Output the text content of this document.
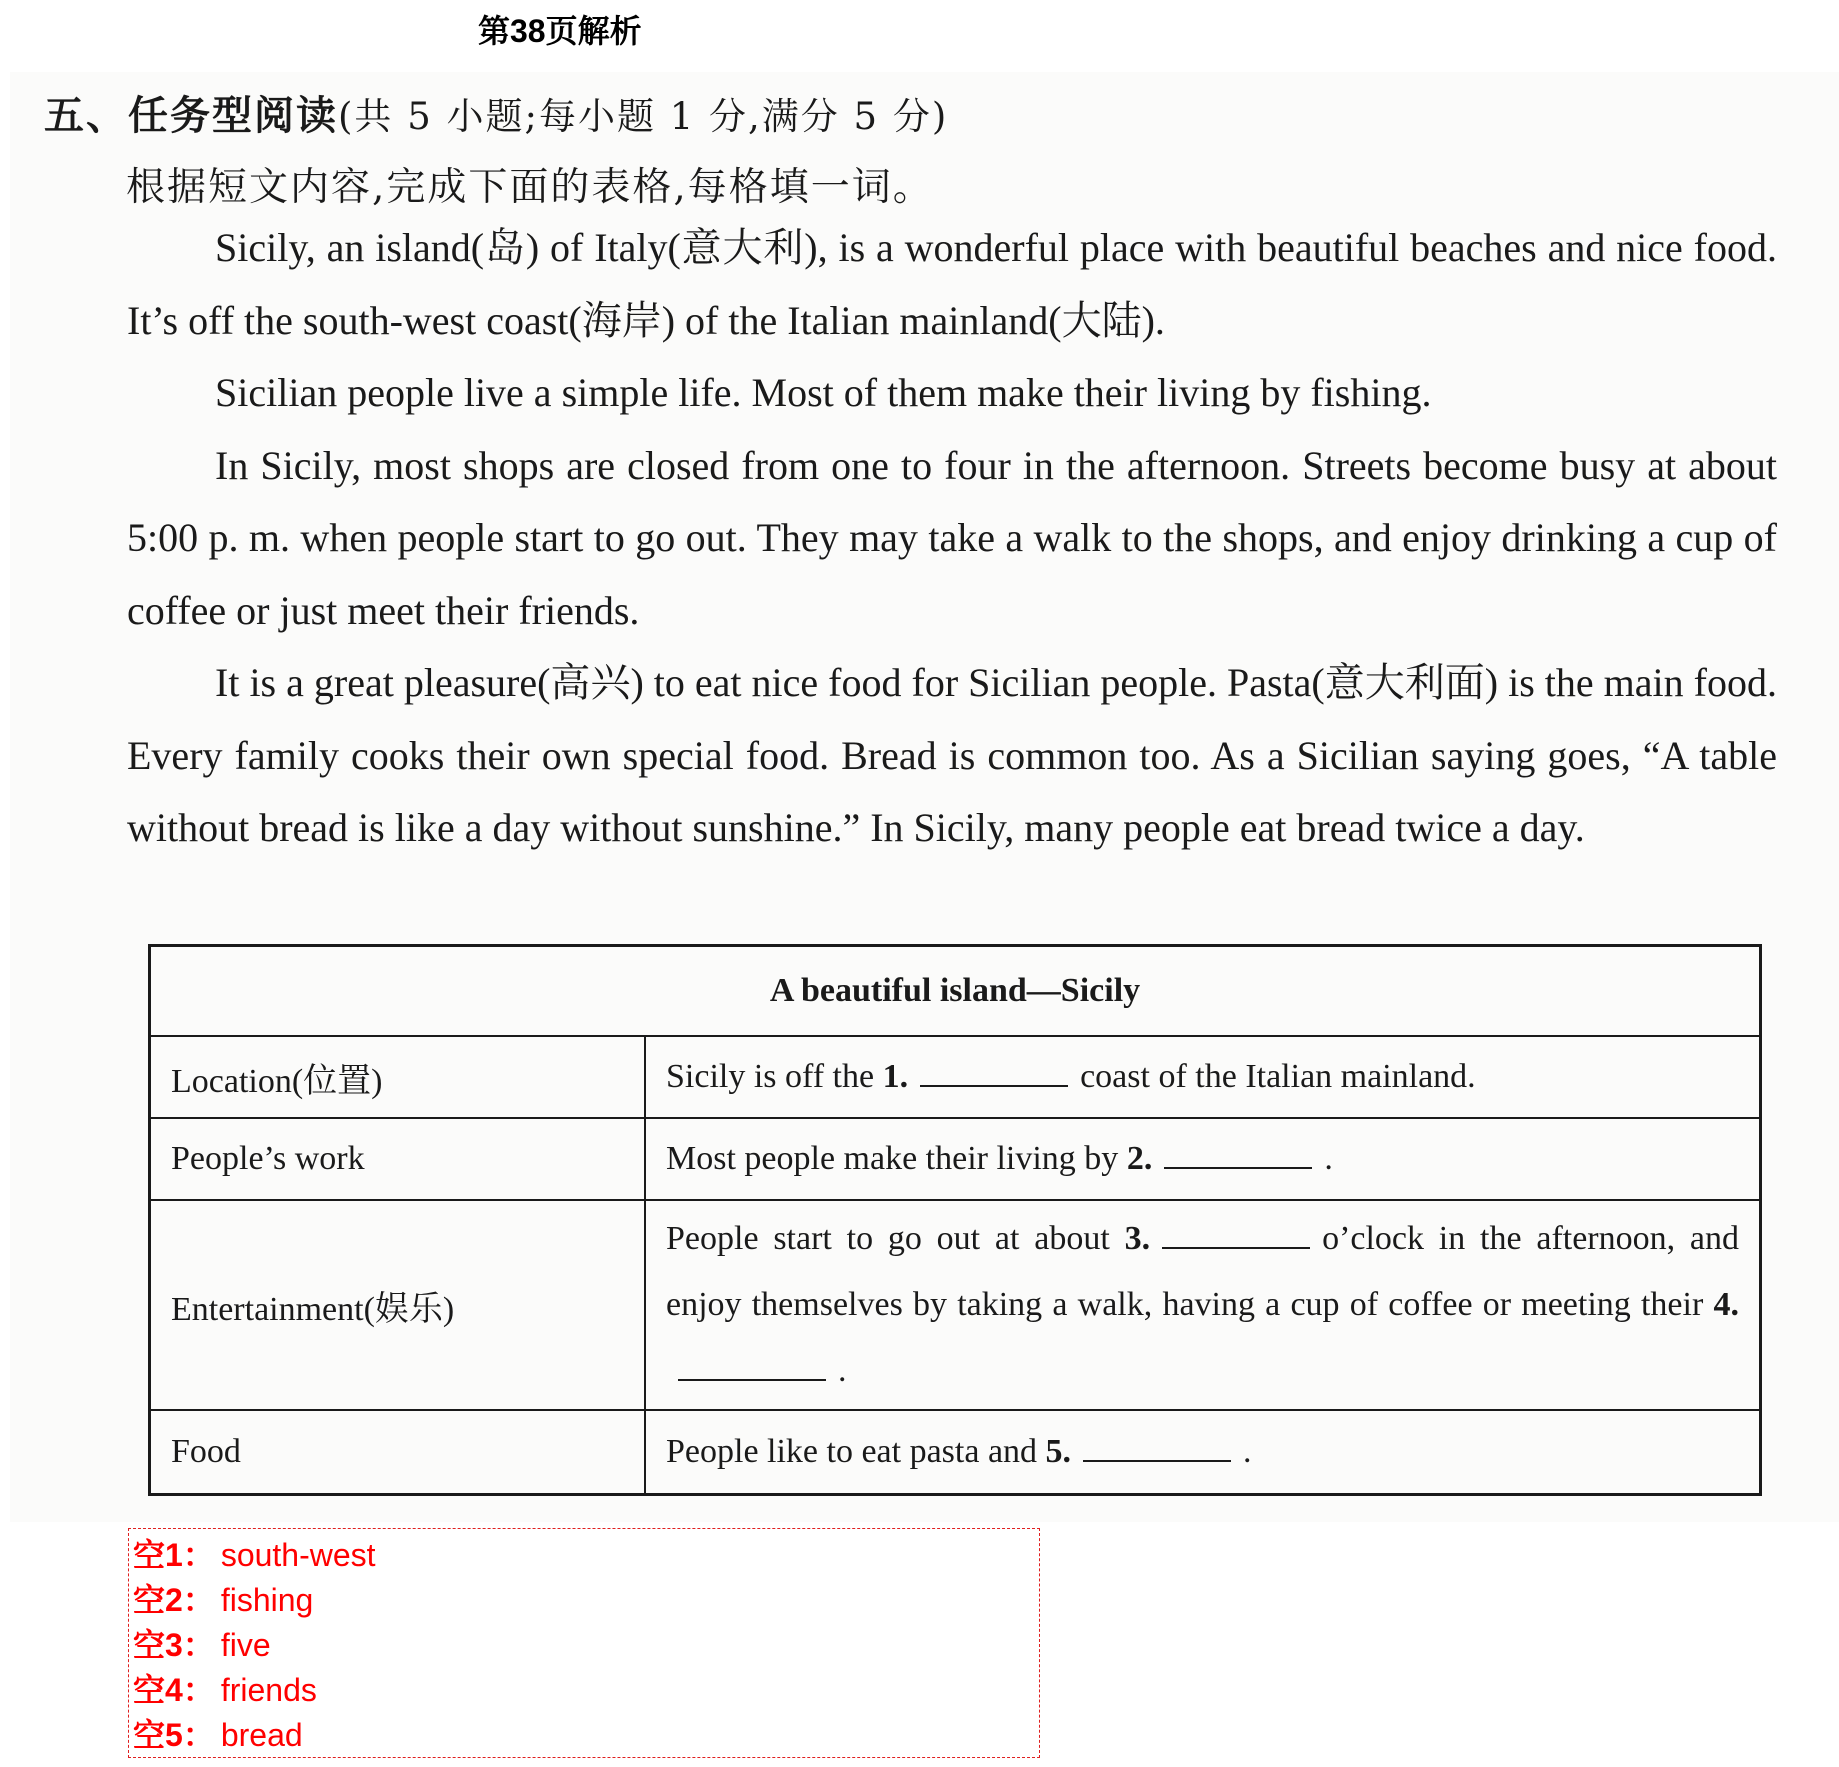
第38页解析
五、任务型阅读(共 5 小题;每小题 1 分,满分 5 分)
根据短文内容,完成下面的表格,每格填一词。

Sicily, an island(岛) of Italy(意大利), is a wonderful place with beautiful beaches and nice food. It’s off the south-west coast(海岸) of the Italian mainland(大陆).

Sicilian people live a simple life. Most of them make their living by fishing.

In Sicily, most shops are closed from one to four in the afternoon. Streets become busy at about 5:00 p. m. when people start to go out. They may take a walk to the shops, and enjoy drinking a cup of coffee or just meet their friends.

It is a great pleasure(高兴) to eat nice food for Sicilian people. Pasta(意大利面) is the main food. Every family cooks their own special food. Bread is common too. As a Sicilian saying goes, “A table without bread is like a day without sunshine.” In Sicily, many people eat bread twice a day.

A beautiful island—Sicily	
Location(位置)	Sicily is off the 1. coast of the Italian mainland.
People’s work	Most people make their living by 2. .
Entertainment(娱乐)	People start to go out at about 3. o’clock in the afternoon, and enjoy themselves by taking a walk, having a cup of coffee or meeting their 4..
Food	People like to eat pasta and 5. .
空1： south-west
空2： fishing
空3： five
空4： friends
空5： bread
